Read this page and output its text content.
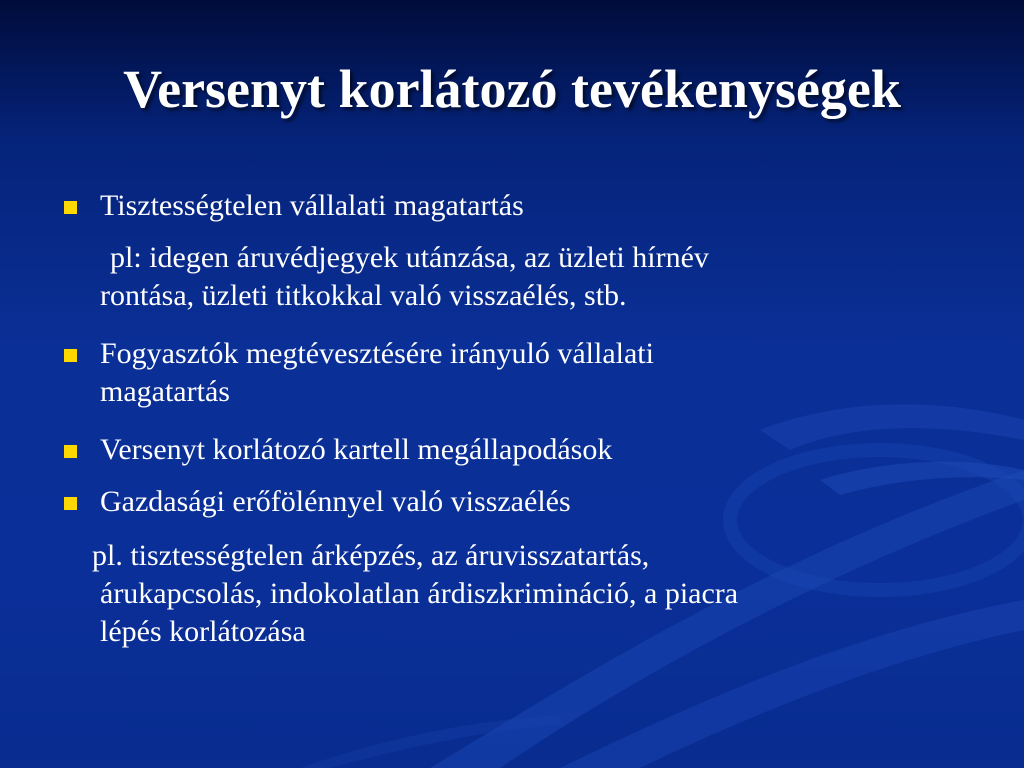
Versenyt korlátozó tevékenységek
Tisztességtelen vállalati magatartás
pl: idegen áruvédjegyek utánzása, az üzleti hírnév
rontása, üzleti titkokkal való visszaélés, stb.
Fogyasztók megtévesztésére irányuló vállalati
magatartás
Versenyt korlátozó kartell megállapodások
Gazdasági erőfölénnyel való visszaélés
pl. tisztességtelen árképzés, az áruvisszatartás,
árukapcsolás, indokolatlan árdiszkrimináció, a piacra
lépés korlátozása
